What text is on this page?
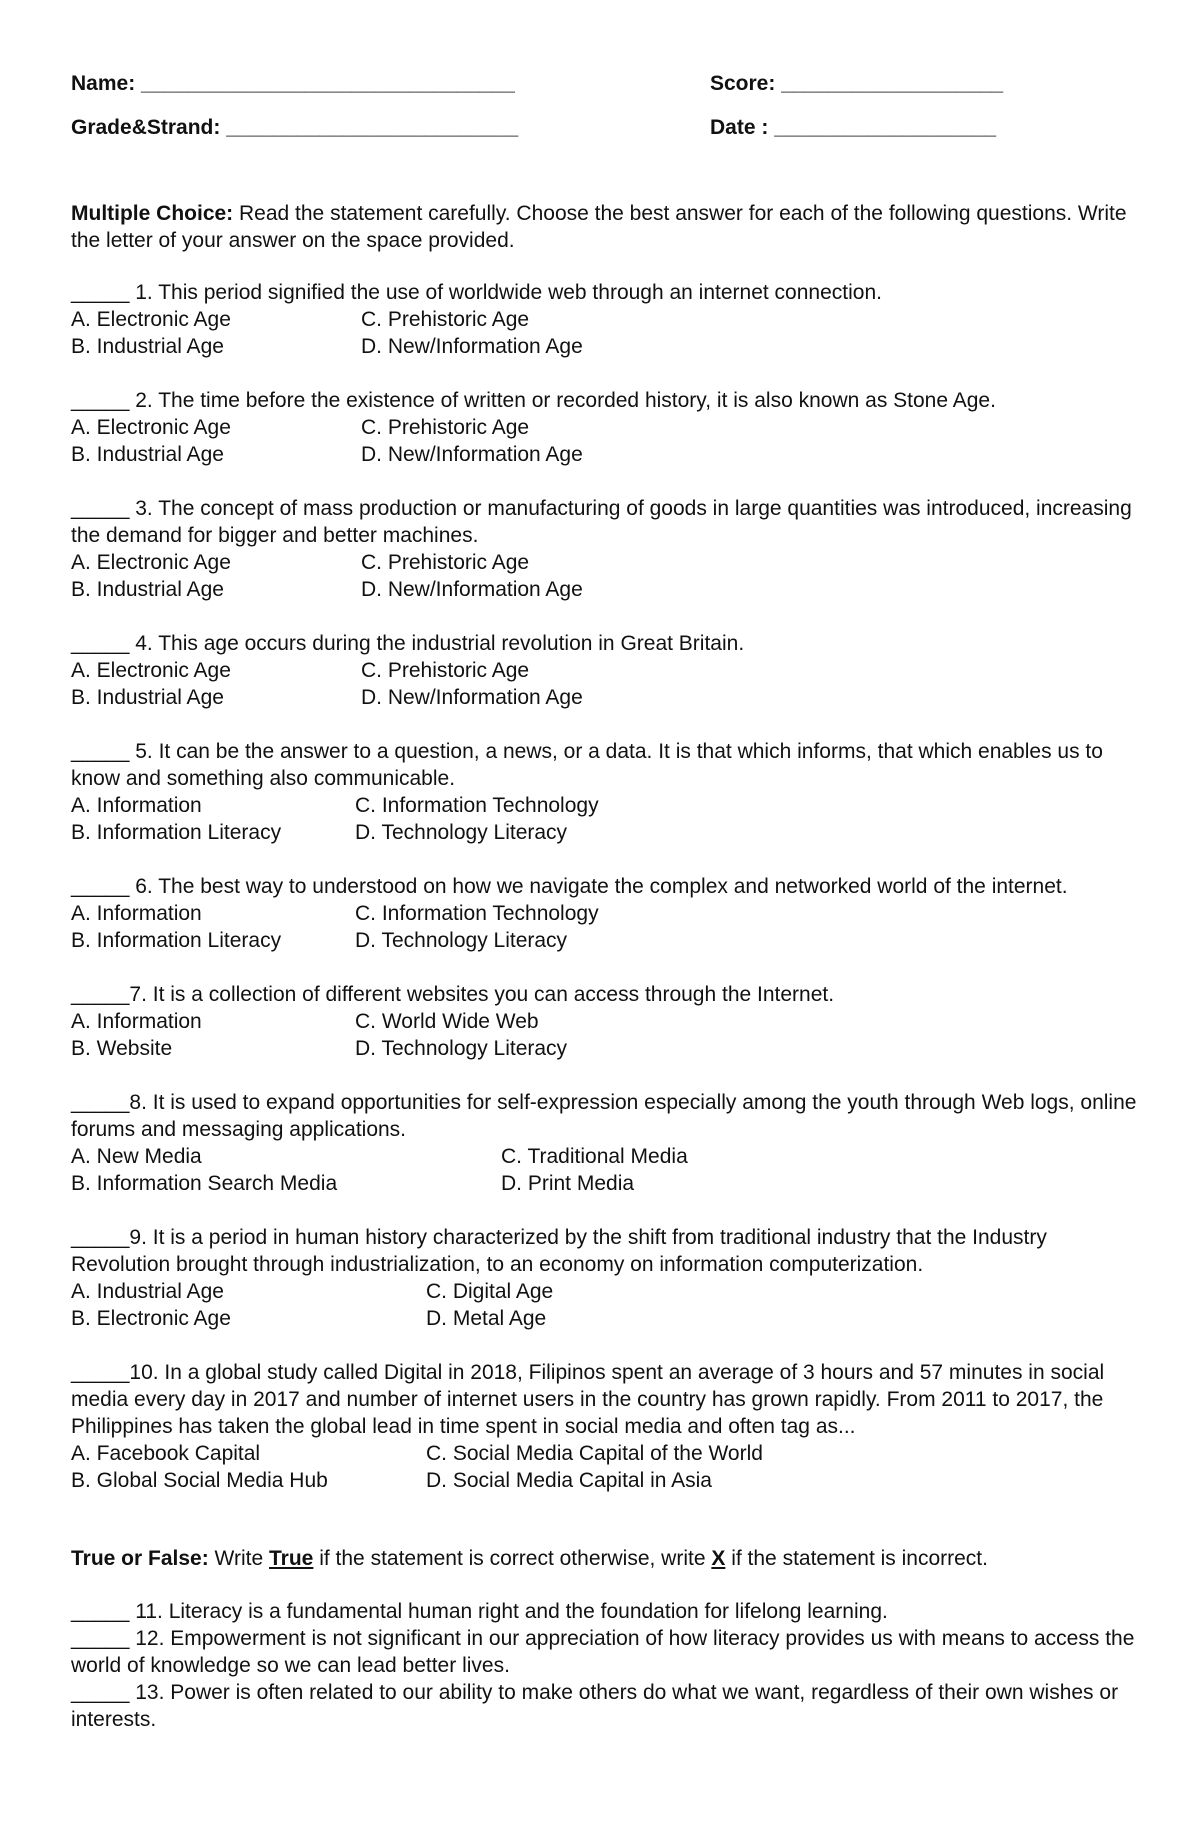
Name: ________________________________	Score: ___________________
Grade&Strand: _________________________	Date : ___________________

Multiple Choice: Read the statement carefully. Choose the best answer for each of the following questions. Write the letter of your answer on the space provided.

_____ 1. This period signified the use of worldwide web through an internet connection.

A. Electronic Age	C. Prehistoric Age
B. Industrial Age	D. New/Information Age

_____ 2. The time before the existence of written or recorded history, it is also known as Stone Age.

A. Electronic Age	C. Prehistoric Age
B. Industrial Age	D. New/Information Age

_____ 3. The concept of mass production or manufacturing of goods in large quantities was introduced, increasing the demand for bigger and better machines.

A. Electronic Age	C. Prehistoric Age
B. Industrial Age	D. New/Information Age

_____ 4. This age occurs during the industrial revolution in Great Britain.

A. Electronic Age	C. Prehistoric Age
B. Industrial Age	D. New/Information Age

_____ 5. It can be the answer to a question, a news, or a data. It is that which informs, that which enables us to know and something also communicable.

A. Information	C. Information Technology
B. Information Literacy	D. Technology Literacy

_____ 6. The best way to understood on how we navigate the complex and networked world of the internet.

A. Information	C. Information Technology
B. Information Literacy	D. Technology Literacy

_____7. It is a collection of different websites you can access through the Internet.

A. Information	C. World Wide Web
B. Website	D. Technology Literacy

_____8. It is used to expand opportunities for self-expression especially among the youth through Web logs, online forums and messaging applications.

A. New Media	C. Traditional Media
B. Information Search Media	D. Print Media

_____9. It is a period in human history characterized by the shift from traditional industry that the Industry Revolution brought through industrialization, to an economy on information computerization.

A. Industrial Age	C. Digital Age
B. Electronic Age	D. Metal Age

_____10. In a global study called Digital in 2018, Filipinos spent an average of 3 hours and 57 minutes in social media every day in 2017 and number of internet users in the country has grown rapidly. From 2011 to 2017, the Philippines has taken the global lead in time spent in social media and often tag as...

A. Facebook Capital	C. Social Media Capital of the World
B. Global Social Media Hub	D. Social Media Capital in Asia

True or False: Write True if the statement is correct otherwise, write X if the statement is incorrect.

_____ 11. Literacy is a fundamental human right and the foundation for lifelong learning.

_____ 12. Empowerment is not significant in our appreciation of how literacy provides us with means to access the world of knowledge so we can lead better lives.

_____ 13. Power is often related to our ability to make others do what we want, regardless of their own wishes or interests.
